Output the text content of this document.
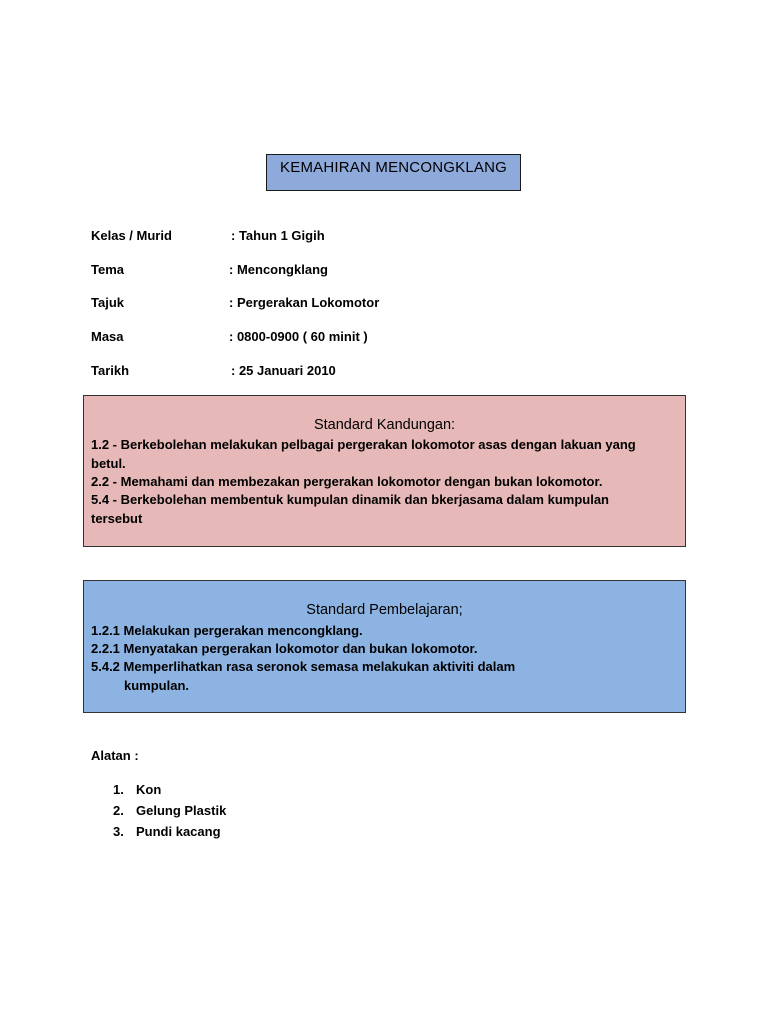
KEMAHIRAN MENCONGKLANG
Kelas / Murid	: Tahun 1 Gigih
Tema	: Mencongklang
Tajuk	: Pergerakan Lokomotor
Masa	: 0800-0900 ( 60 minit )
Tarikh	: 25 Januari 2010
Standard Kandungan:
1.2 - Berkebolehan melakukan pelbagai pergerakan lokomotor asas dengan lakuan yang
betul.
2.2 - Memahami dan membezakan pergerakan lokomotor dengan bukan lokomotor.
5.4 - Berkebolehan membentuk kumpulan dinamik dan bkerjasama dalam kumpulan
tersebut
Standard Pembelajaran;
1.2.1 Melakukan pergerakan mencongklang.
2.2.1 Menyatakan pergerakan lokomotor dan bukan lokomotor.
5.4.2 Memperlihatkan rasa seronok semasa melakukan aktiviti dalam
kumpulan.
Alatan :
1. Kon
2. Gelung Plastik
3. Pundi kacang
